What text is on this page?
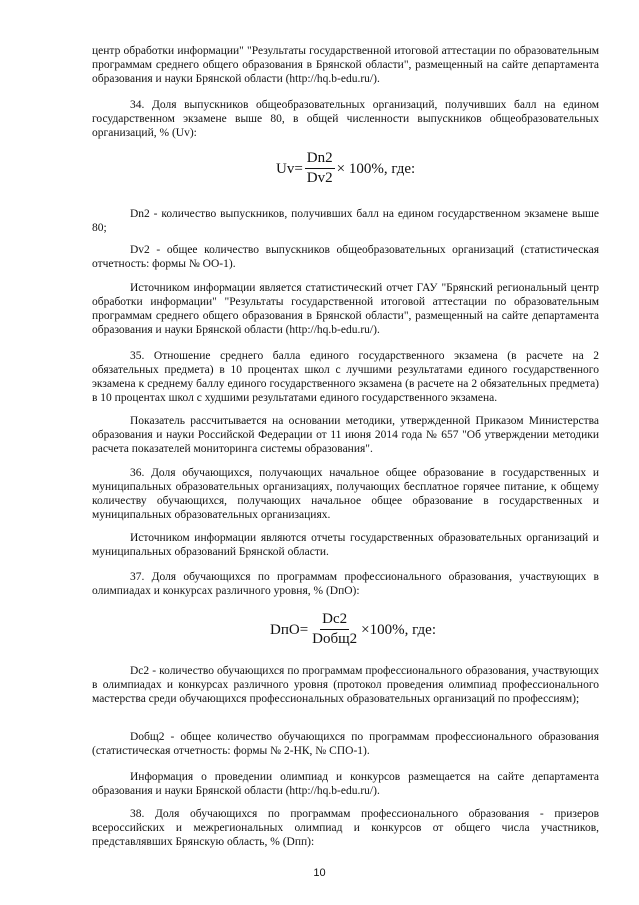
центр обработки информации" "Результаты государственной итоговой аттестации по образовательным программам среднего общего образования в Брянской области", размещенный на сайте департамента образования и науки Брянской области (http://hq.b-edu.ru/).

34. Доля выпускников общеобразовательных организаций, получивших балл на едином государственном экзамене выше 80, в общей численности выпускников общеобразовательных организаций, % (Uv):

$Uv= \frac{Dn2}{Dv2} \times 100\%$, где:

Dn2 - количество выпускников, получивших балл на едином государственном экзамене выше 80;

Dv2 - общее количество выпускников общеобразовательных организаций (статистическая отчетность: формы № ОО-1).

Источником информации является статистический отчет ГАУ "Брянский региональный центр обработки информации" "Результаты государственной итоговой аттестации по образовательным программам среднего общего образования в Брянской области", размещенный на сайте департамента образования и науки Брянской области (http://hq.b-edu.ru/).

35. Отношение среднего балла единого государственного экзамена (в расчете на 2 обязательных предмета) в 10 процентах школ с лучшими результатами единого государственного экзамена к среднему баллу единого государственного экзамена (в расчете на 2 обязательных предмета) в 10 процентах школ с худшими результатами единого государственного экзамена.

Показатель рассчитывается на основании методики, утвержденной Приказом Министерства образования и науки Российской Федерации от 11 июня 2014 года № 657 "Об утверждении методики расчета показателей мониторинга системы образования".

36. Доля обучающихся, получающих начальное общее образование в государственных и муниципальных образовательных организациях, получающих бесплатное горячее питание, к общему количеству обучающихся, получающих начальное общее образование в государственных и муниципальных образовательных организациях.

Источником информации являются отчеты государственных образовательных организаций и муниципальных образований Брянской области.

37. Доля обучающихся по программам профессионального образования, участвующих в олимпиадах и конкурсах различного уровня, % (DпО):

$DпО= \frac{Dc2}{\text{Dобщ2}} \times 100\%$, где:

Dc2 - количество обучающихся по программам профессионального образования, участвующих в олимпиадах и конкурсах различного уровня (протокол проведения олимпиад профессионального мастерства среди обучающихся профессиональных образовательных организаций по профессиям);

Dобщ2 - общее количество обучающихся по программам профессионального образования (статистическая отчетность: формы № 2-НК, № СПО-1).

Информация о проведении олимпиад и конкурсов размещается на сайте департамента образования и науки Брянской области (http://hq.b-edu.ru/).

38. Доля обучающихся по программам профессионального образования - призеров всероссийских и межрегиональных олимпиад и конкурсов от общего числа участников, представлявших Брянскую область, % (Dпп):

10
